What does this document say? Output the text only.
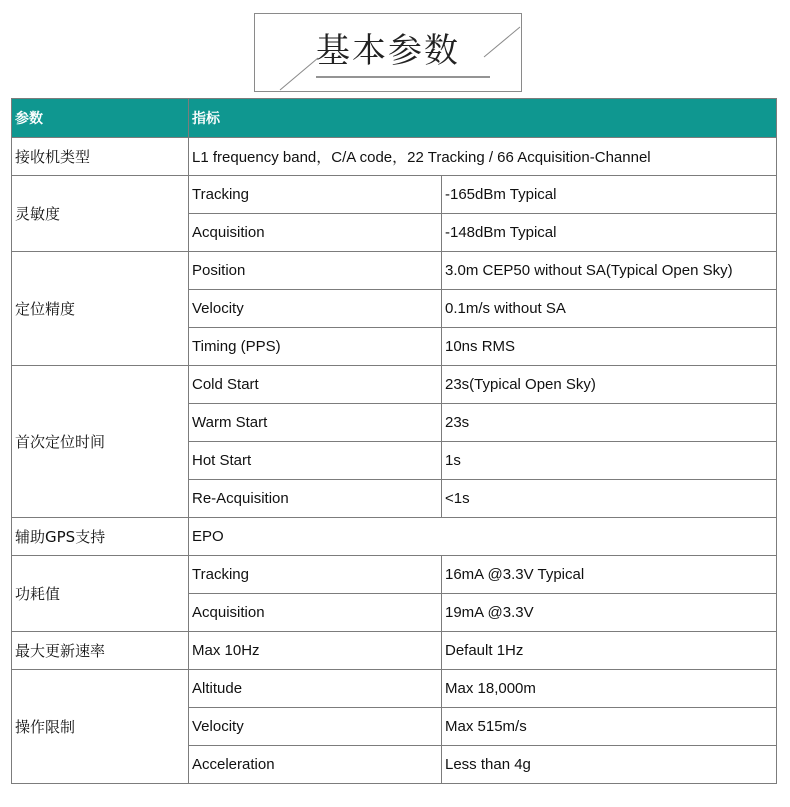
基本参数
参数	指标	
接收机类型	L1 frequency band，C/A code，22 Tracking / 66 Acquisition-Channel	
灵敏度	Tracking	-165dBm Typical
	Acquisition	-148dBm Typical
定位精度	Position	3.0m CEP50 without SA(Typical Open Sky)
	Velocity	0.1m/s without SA
	Timing (PPS)	10ns RMS
首次定位时间	Cold Start	23s(Typical Open Sky)
	Warm Start	23s
	Hot Start	1s
	Re-Acquisition	<1s
辅助GPS支持	EPO	
功耗值	Tracking	16mA @3.3V Typical
	Acquisition	19mA @3.3V
最大更新速率	Max 10Hz	Default 1Hz
操作限制	Altitude	Max 18,000m
	Velocity	Max 515m/s
	Acceleration	Less than 4g
